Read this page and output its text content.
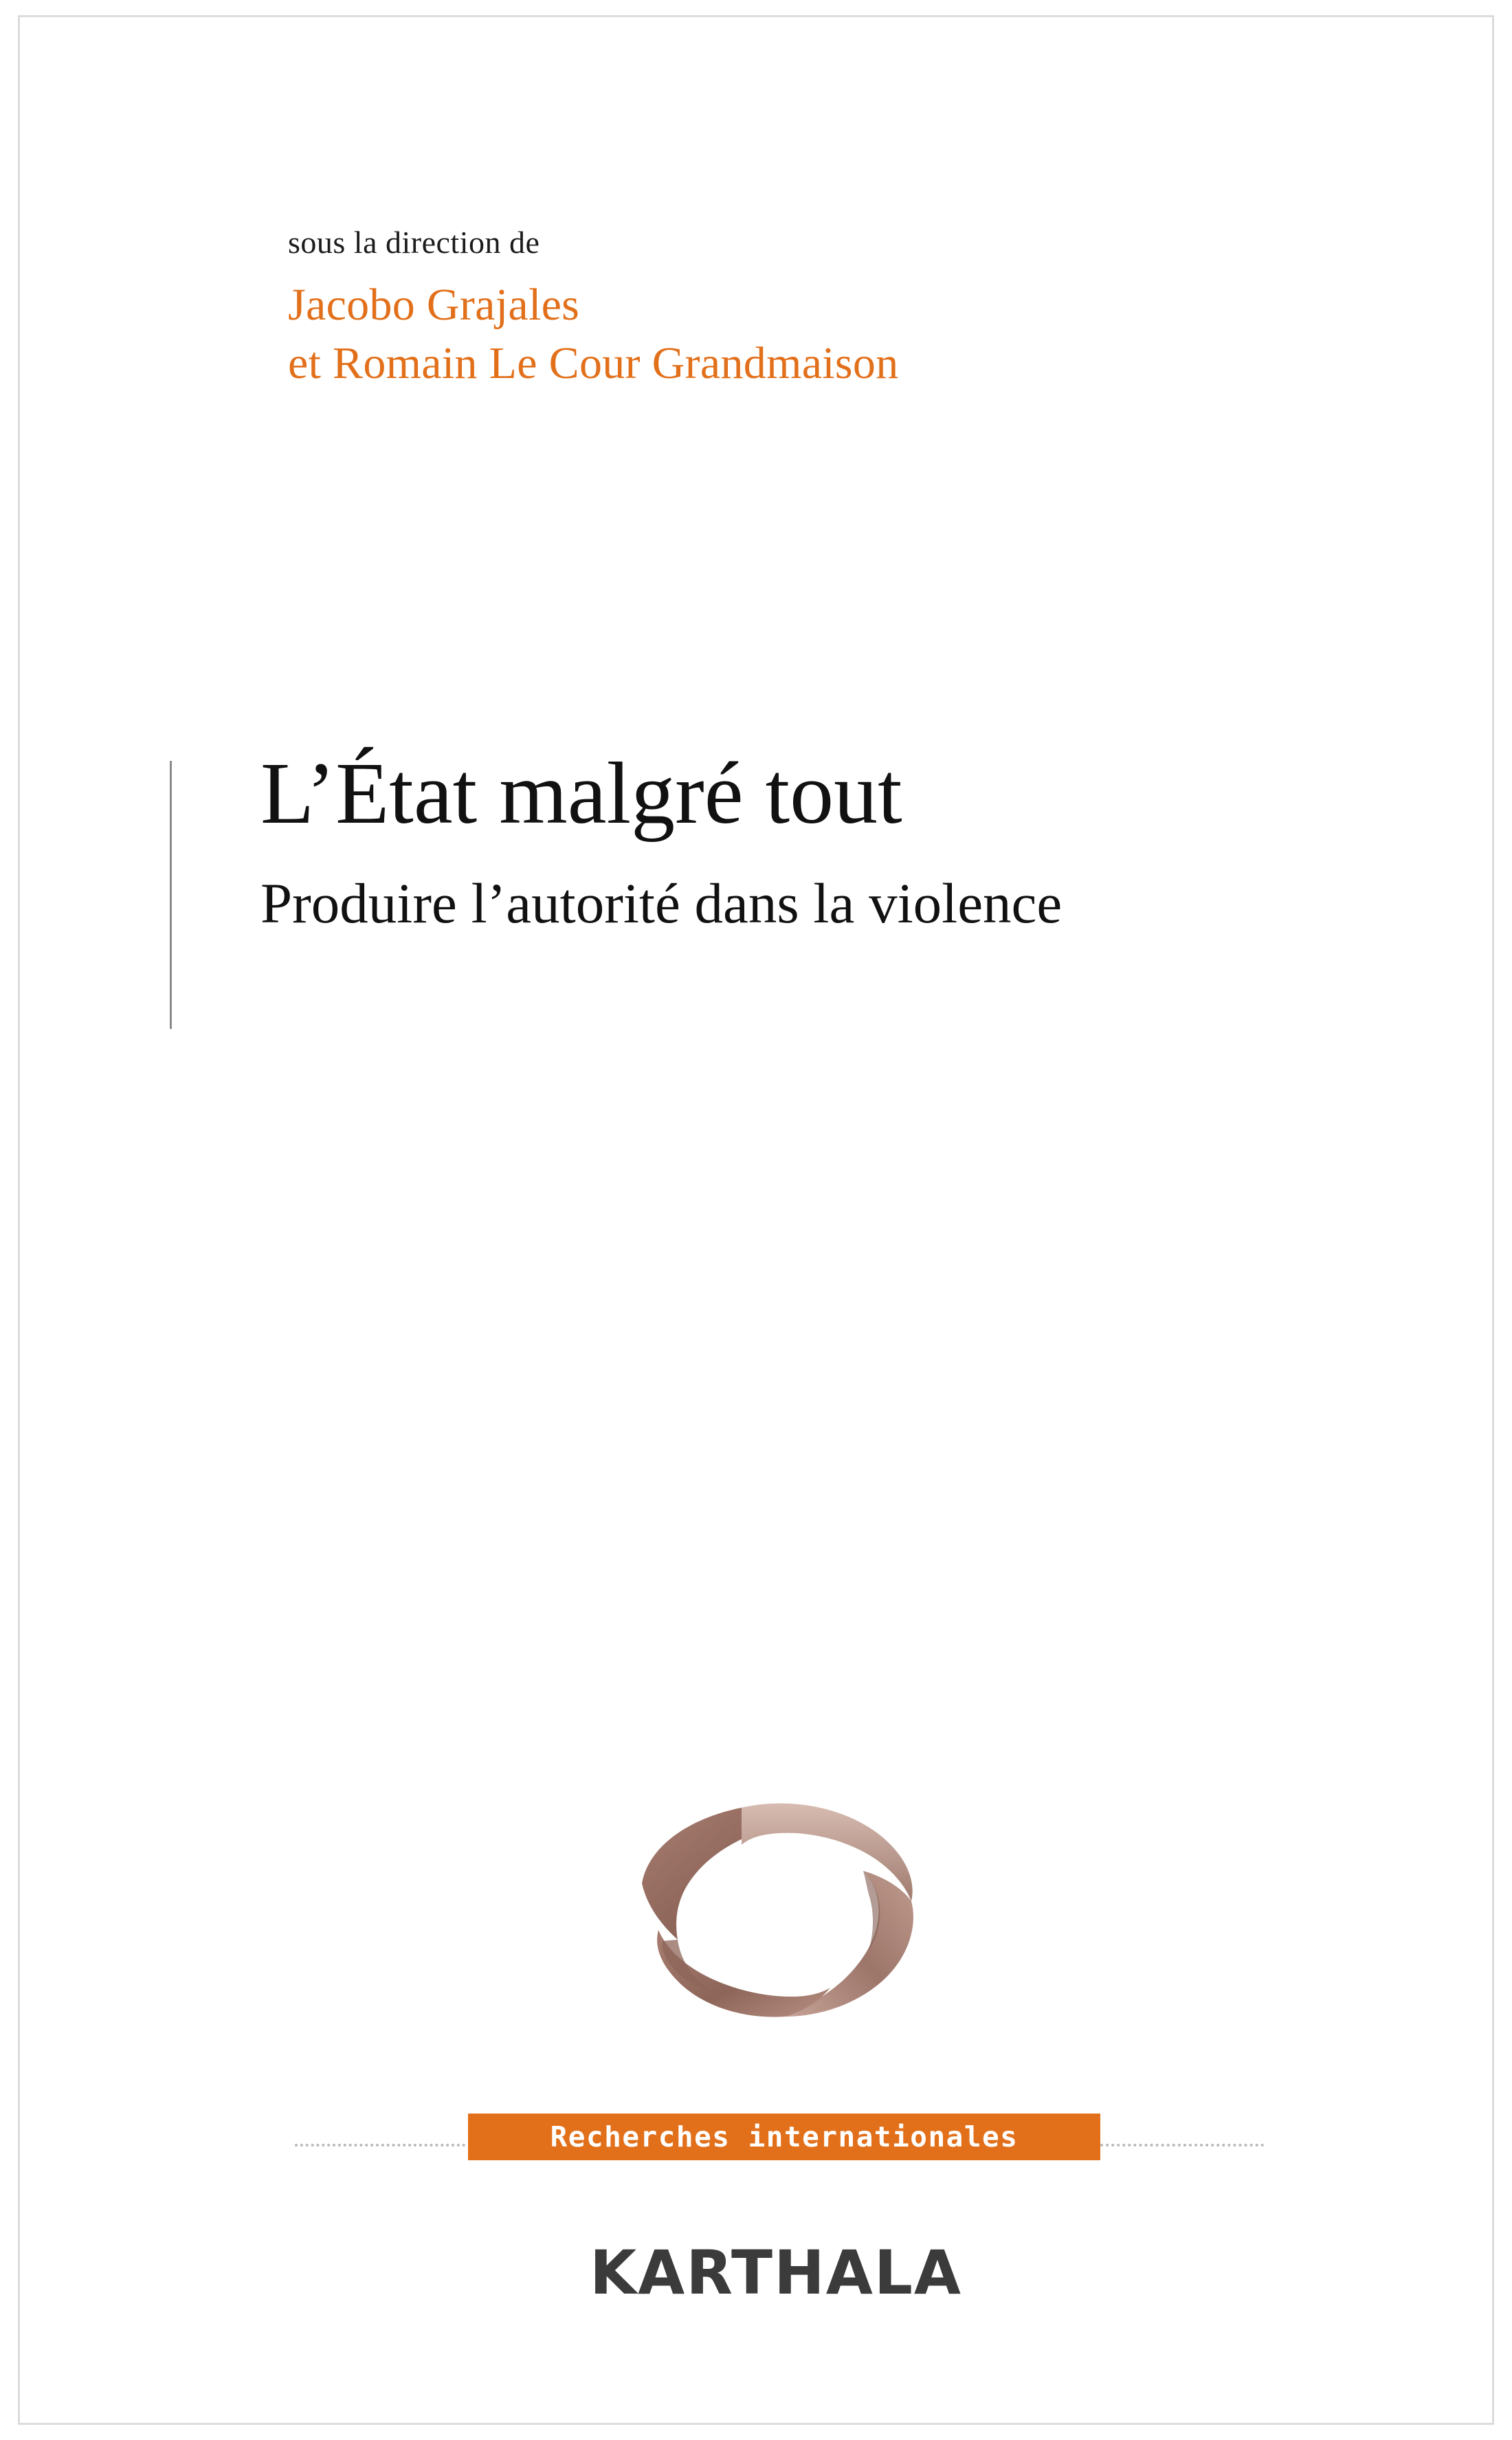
sous la direction de
Jacobo Grajales
et Romain Le Cour Grandmaison
L’État malgré tout
Produire l’autorité dans la violence
Recherches internationales
KARTHALA
